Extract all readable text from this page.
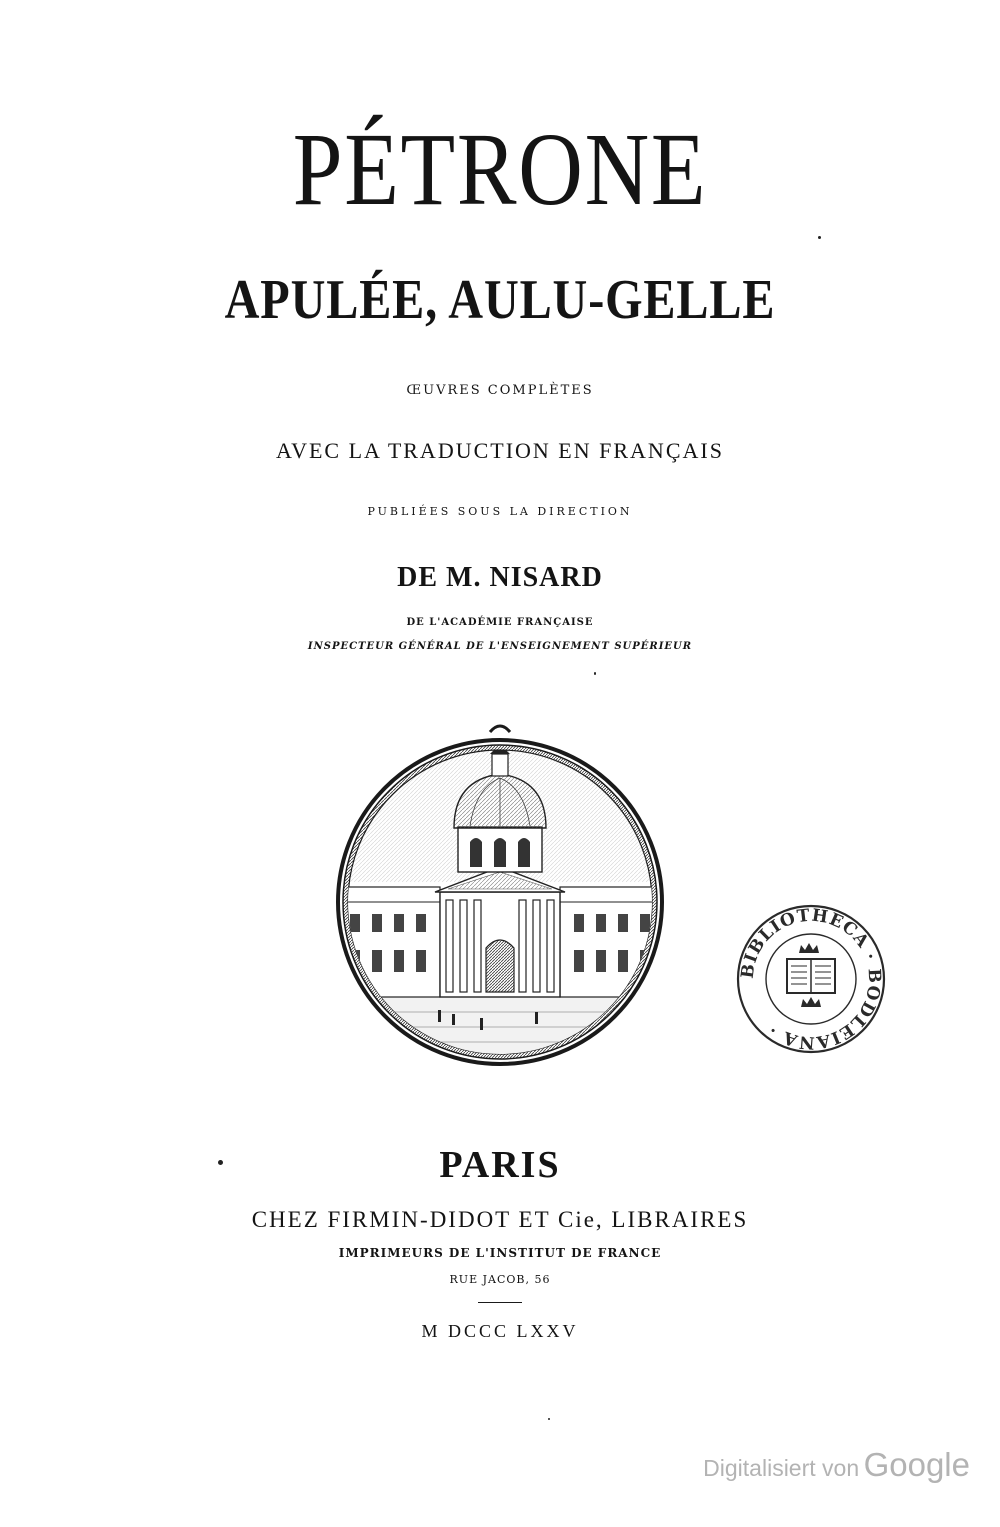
PÉTRONE
APULÉE, AULU-GELLE
ŒUVRES COMPLÈTES
AVEC LA TRADUCTION EN FRANÇAIS
PUBLIÉES SOUS LA DIRECTION
DE M. NISARD
DE L'ACADÉMIE FRANÇAISE
INSPECTEUR GÉNÉRAL DE L'ENSEIGNEMENT SUPÉRIEUR
BIBLIOTHECA · BODLEIANA ·
PARIS
CHEZ FIRMIN-DIDOT ET Cie, LIBRAIRES
IMPRIMEURS DE L'INSTITUT DE FRANCE
RUE JACOB, 56
M DCCC LXXV
Digitalisiert von Google
